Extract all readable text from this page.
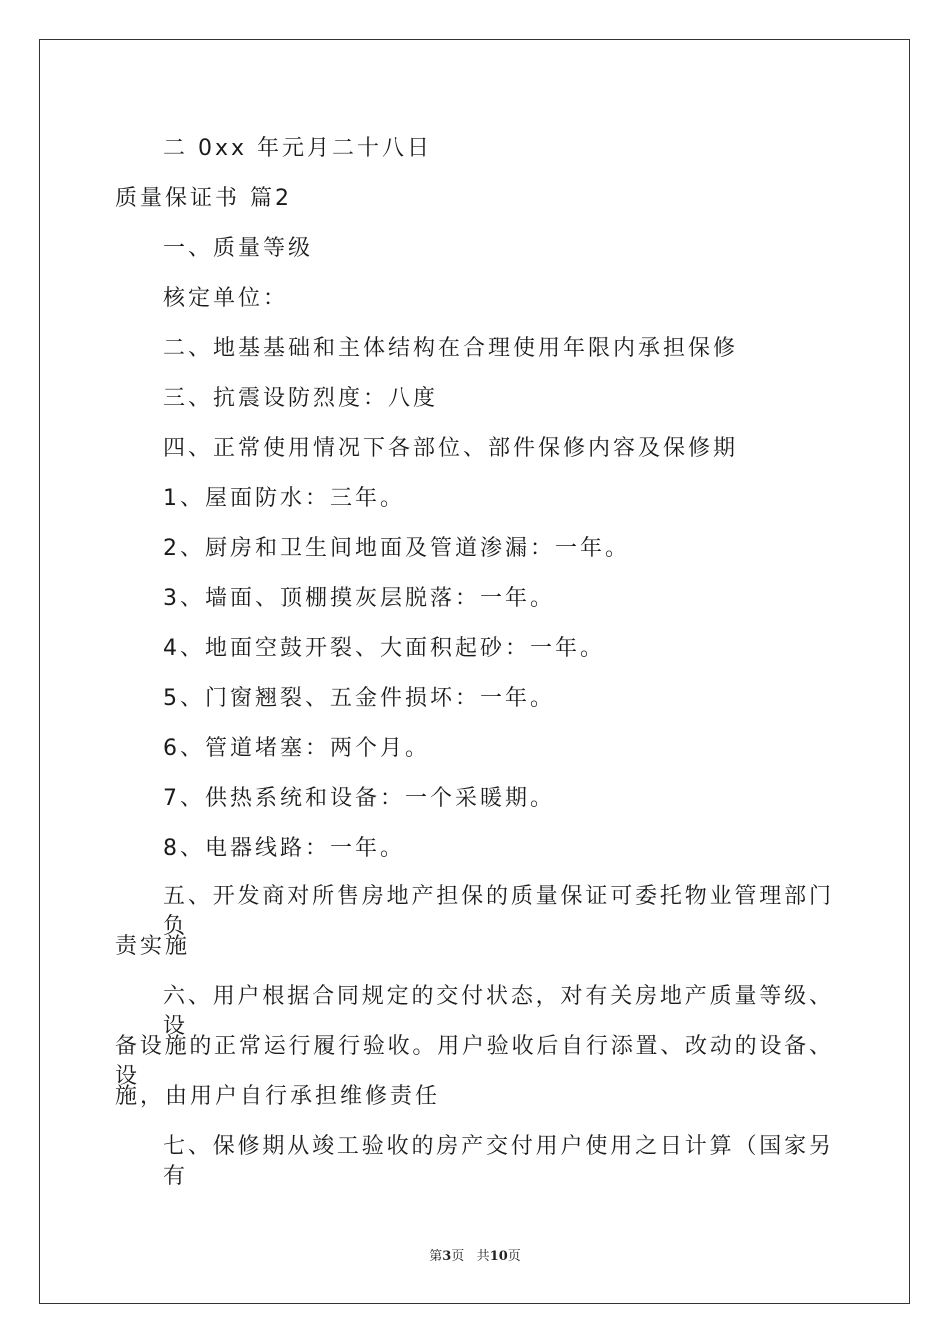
二 0xx 年元月二十八日
质量保证书 篇2
一、质量等级
核定单位：
二、地基基础和主体结构在合理使用年限内承担保修
三、抗震设防烈度：八度
四、正常使用情况下各部位、部件保修内容及保修期
1、屋面防水：三年。
2、厨房和卫生间地面及管道渗漏：一年。
3、墙面、顶棚摸灰层脱落：一年。
4、地面空鼓开裂、大面积起砂：一年。
5、门窗翘裂、五金件损坏：一年。
6、管道堵塞：两个月。
7、供热系统和设备：一个采暖期。
8、电器线路：一年。
五、开发商对所售房地产担保的质量保证可委托物业管理部门负
责实施
六、用户根据合同规定的交付状态，对有关房地产质量等级、设
备设施的正常运行履行验收。用户验收后自行添置、改动的设备、设
施，由用户自行承担维修责任
七、保修期从竣工验收的房产交付用户使用之日计算（国家另有
第3页 共10页
